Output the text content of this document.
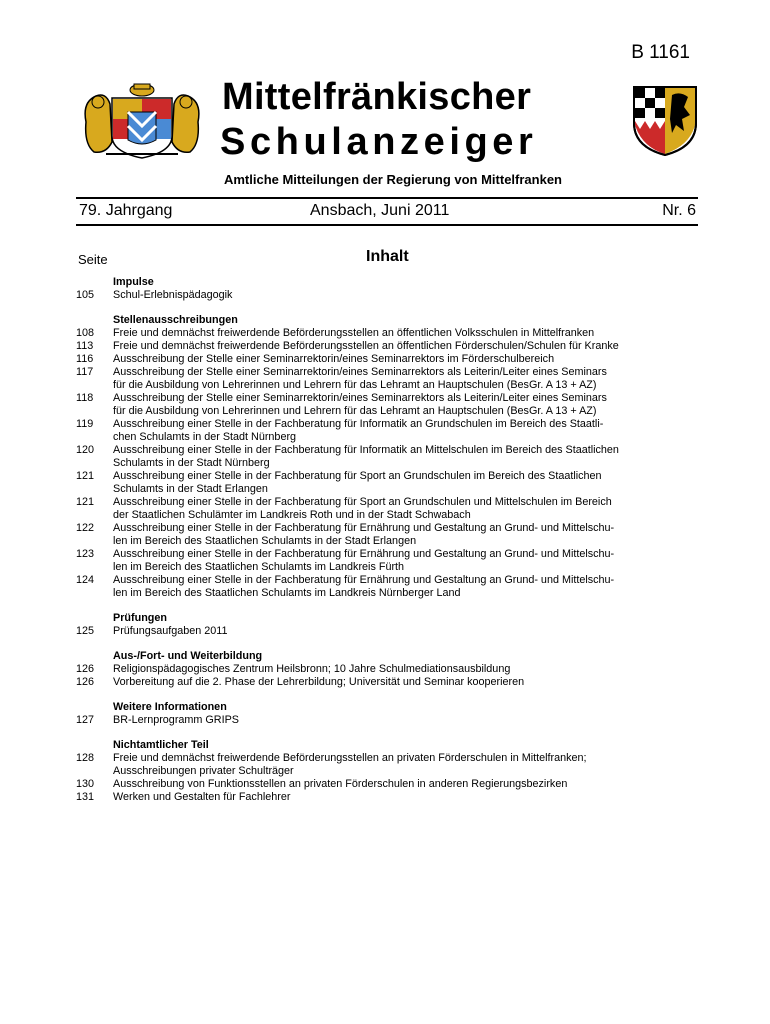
B 1161
Mittelfränkischer
Schulanzeiger
Amtliche Mitteilungen der Regierung von Mittelfranken
79. Jahrgang	Ansbach, Juni 2011	Nr. 6
Seite	Inhalt
Impulse
105	Schul-Erlebnispädagogik
Stellenausschreibungen
108	Freie und demnächst freiwerdende Beförderungsstellen an öffentlichen Volksschulen in Mittelfranken
113	Freie und demnächst freiwerdende Beförderungsstellen an öffentlichen Förderschulen/Schulen für Kranke
116	Ausschreibung der Stelle einer Seminarrektorin/eines Seminarrektors im Förderschulbereich
117	Ausschreibung der Stelle einer Seminarrektorin/eines Seminarrektors als Leiterin/Leiter eines Seminars
für die Ausbildung von Lehrerinnen und Lehrern für das Lehramt an Hauptschulen (BesGr. A 13 + AZ)
118	Ausschreibung der Stelle einer Seminarrektorin/eines Seminarrektors als Leiterin/Leiter eines Seminars
für die Ausbildung von Lehrerinnen und Lehrern für das Lehramt an Hauptschulen (BesGr. A 13 + AZ)
119	Ausschreibung einer Stelle in der Fachberatung für Informatik an Grundschulen im Bereich des Staatli-
chen Schulamts in der Stadt Nürnberg
120	Ausschreibung einer Stelle in der Fachberatung für Informatik an Mittelschulen im Bereich des Staatlichen
Schulamts in der Stadt Nürnberg
121	Ausschreibung einer Stelle in der Fachberatung für Sport an Grundschulen im Bereich des Staatlichen
Schulamts in der Stadt Erlangen
121	Ausschreibung einer Stelle in der Fachberatung für Sport an Grundschulen und Mittelschulen im Bereich
der Staatlichen Schulämter im Landkreis Roth und in der Stadt Schwabach
122	Ausschreibung einer Stelle in der Fachberatung für Ernährung und Gestaltung an Grund- und Mittelschu-
len im Bereich des Staatlichen Schulamts in der Stadt Erlangen
123	Ausschreibung einer Stelle in der Fachberatung für Ernährung und Gestaltung an Grund- und Mittelschu-
len im Bereich des Staatlichen Schulamts im Landkreis Fürth
124	Ausschreibung einer Stelle in der Fachberatung für Ernährung und Gestaltung an Grund- und Mittelschu-
len im Bereich des Staatlichen Schulamts im Landkreis Nürnberger Land
Prüfungen
125	Prüfungsaufgaben 2011
Aus-/Fort- und Weiterbildung
126	Religionspädagogisches Zentrum Heilsbronn; 10 Jahre Schulmediationsausbildung
126	Vorbereitung auf die 2. Phase der Lehrerbildung; Universität und Seminar kooperieren
Weitere Informationen
127	BR-Lernprogramm GRIPS
Nichtamtlicher Teil
128	Freie und demnächst freiwerdende Beförderungsstellen an privaten Förderschulen in Mittelfranken;
Ausschreibungen privater Schulträger
130	Ausschreibung von Funktionsstellen an privaten Förderschulen in anderen Regierungsbezirken
131	Werken und Gestalten für Fachlehrer
